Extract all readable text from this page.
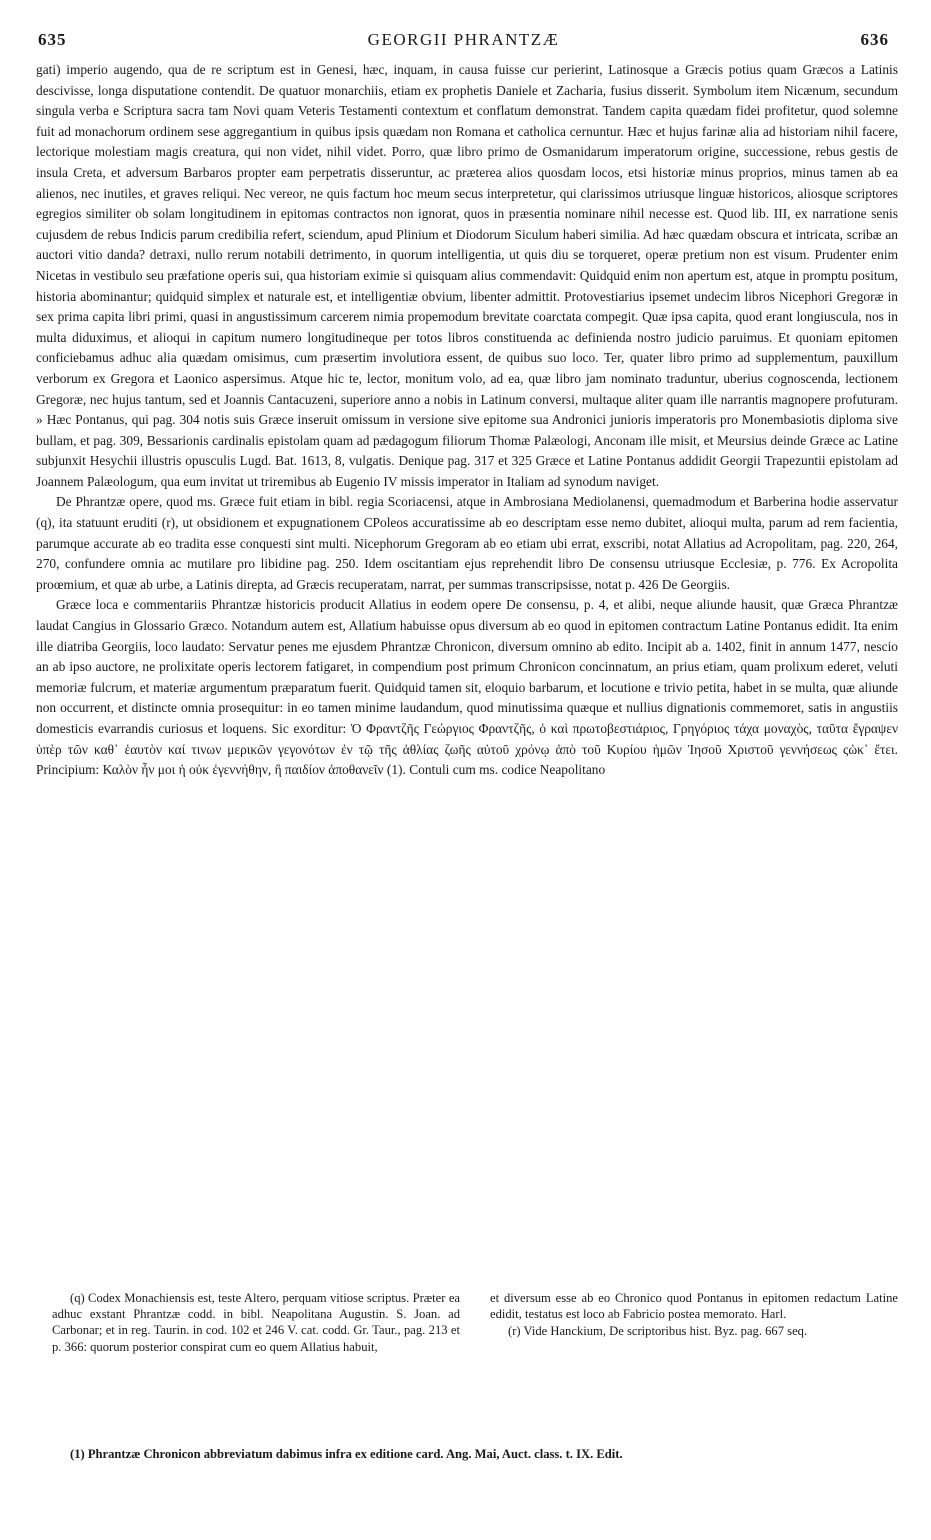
635	GEORGII PHRANTZÆ	636

gati) imperio augendo, qua de re scriptum est in Genesi, hæc, inquam, in causa fuisse cur perierint, Latinosque a Græcis potius quam Græcos a Latinis descivisse, longa disputatione contendit. De quatuor monarchiis, etiam ex prophetis Daniele et Zacharia, fusius disserit. Symbolum item Nicænum, secundum singula verba e Scriptura sacra tam Novi quam Veteris Testamenti contextum et conflatum demonstrat. Tandem capita quædam fidei profitetur, quod solemne fuit ad monachorum ordinem sese aggregantium in quibus ipsis quædam non Romana et catholica cernuntur. Hæc et hujus farinæ alia ad historiam nihil facere, lectorique molestiam magis creatura, qui non videt, nihil videt. Porro, quæ libro primo de Osmanidarum imperatorum origine, successione, rebus gestis de insula Creta, et adversum Barbaros propter eam perpetratis disseruntur, ac præterea alios quosdam locos, etsi historiæ minus proprios, minus tamen ab ea alienos, nec inutiles, et graves reliqui. Nec vereor, ne quis factum hoc meum secus interpretetur, qui clarissimos utriusque linguæ historicos, aliosque scriptores egregios similiter ob solam longitudinem in epitomas contractos non ignorat, quos in præsentia nominare nihil necesse est. Quod lib. III, ex narratione senis cujusdem de rebus Indicis parum credibilia refert, sciendum, apud Plinium et Diodorum Siculum haberi similia. Ad hæc quædam obscura et intricata, scribæ an auctori vitio danda? detraxi, nullo rerum notabili detrimento, in quorum intelligentia, ut quis diu se torqueret, operæ pretium non est visum. Prudenter enim Nicetas in vestibulo seu præfatione operis sui, qua historiam eximie si quisquam alius commendavit: Quidquid enim non apertum est, atque in promptu positum, historia abominantur; quidquid simplex et naturale est, et intelligentiæ obvium, libenter admittit. Protovestiarius ipsemet undecim libros Nicephori Gregoræ in sex prima capita libri primi, quasi in angustissimum carcerem nimia propemodum brevitate coarctata compegit. Quæ ipsa capita, quod erant longiuscula, nos in multa diduximus, et alioqui in capitum numero longitudineque per totos libros constituenda ac definienda nostro judicio paruimus. Et quoniam epitomen conficiebamus adhuc alia quædam omisimus, cum præsertim involutiora essent, de quibus suo loco. Ter, quater libro primo ad supplementum, pauxillum verborum ex Gregora et Laonico aspersimus. Atque hic te, lector, monitum volo, ad ea, quæ libro jam nominato traduntur, uberius cognoscenda, lectionem Gregoræ, nec hujus tantum, sed et Joannis Cantacuzeni, superiore anno a nobis in Latinum conversi, multaque aliter quam ille narrantis magnopere profuturam. » Hæc Pontanus, qui pag. 304 notis suis Græce inseruit omissum in versione sive epitome sua Andronici junioris imperatoris pro Monembasiotis diploma sive bullam, et pag. 309, Bessarionis cardinalis epistolam quam ad pædagogum filiorum Thomæ Palæologi, Anconam ille misit, et Meursius deinde Græce ac Latine subjunxit Hesychii illustris opusculis Lugd. Bat. 1613, 8, vulgatis. Denique pag. 317 et 325 Græce et Latine Pontanus addidit Georgii Trapezuntii epistolam ad Joannem Palæologum, qua eum invitat ut triremibus ab Eugenio IV missis imperator in Italiam ad synodum naviget.

De Phrantzæ opere, quod ms. Græce fuit etiam in bibl. regia Scoriacensi, atque in Ambrosiana Mediolanensi, quemadmodum et Barberina hodie asservatur (q), ita statuunt eruditi (r), ut obsidionem et expugnationem CPoleos accuratissime ab eo descriptam esse nemo dubitet, alioqui multa, parum ad rem facientia, parumque accurate ab eo tradita esse conquesti sint multi. Nicephorum Gregoram ab eo etiam ubi errat, exscribi, notat Allatius ad Acropolitam, pag. 220, 264, 270, confundere omnia ac mutilare pro libidine pag. 250. Idem oscitantiam ejus reprehendit libro De consensu utriusque Ecclesiæ, p. 776. Ex Acropolita proœmium, et quæ ab urbe, a Latinis direpta, ad Græcis recuperatam, narrat, per summas transcripsisse, notat p. 426 De Georgiis.

Græce loca e commentariis Phrantzæ historicis producit Allatius in eodem opere De consensu, p. 4, et alibi, neque aliunde hausit, quæ Græca Phrantzæ laudat Cangius in Glossario Græco. Notandum autem est, Allatium habuisse opus diversum ab eo quod in epitomen contractum Latine Pontanus edidit. Ita enim ille diatriba Georgiis, loco laudato: Servatur penes me ejusdem Phrantzæ Chronicon, diversum omnino ab edito. Incipit ab a. 1402, finit in annum 1477, nescio an ab ipso auctore, ne prolixitate operis lectorem fatigaret, in compendium post primum Chronicon concinnatum, an prius etiam, quam prolixum ederet, veluti memoriæ fulcrum, et materiæ argumentum præparatum fuerit. Quidquid tamen sit, eloquio barbarum, et locutione e trivio petita, habet in se multa, quæ aliunde non occurrent, et distincte omnia prosequitur: in eo tamen minime laudandum, quod minutissima quæque et nullius dignationis commemoret, satis in angustiis domesticis evarrandis curiosus et loquens. Sic exorditur: Ὁ Φραντζῆς Γεώργιος Φραντζῆς, ὁ καὶ πρωτοβεστιάριος, Γρηγόριος τάχα μοναχὸς, ταῦτα ἔγραψεν ὑπὲρ τῶν καθ᾽ ἑαυτὸν καί τινων μερικῶν γεγονότων ἐν τῷ τῆς ἀθλίας ζωῆς αὐτοῦ χρόνῳ ἀπὸ τοῦ Κυρίου ἡμῶν Ἰησοῦ Χριστοῦ γεννήσεως ςὠκ᾽ ἔτει. Principium: Καλὸν ἦν μοι ἡ οὐκ ἐγεννήθην, ἢ παιδίον ἀποθανεῖν (1). Contuli cum ms. codice Neapolitano

(q) Codex Monachiensis est, teste Altero, perquam vitiose scriptus. Præter ea adhuc exstant Phrantzæ codd. in bibl. Neapolitana Augustin. S. Joan. ad Carbonar; et in reg. Taurin. in cod. 102 et 246 V. cat. codd. Gr. Taur., pag. 213 et p. 366: quorum posterior conspirat cum eo quem Allatius habuit,

et diversum esse ab eo Chronico quod Pontanus in epitomen redactum Latine edidit, testatus est loco ab Fabricio postea memorato. Harl.

(r) Vide Hanckium, De scriptoribus hist. Byz. pag. 667 seq.

(1) Phrantzæ Chronicon abbreviatum dabimus infra ex editione card. Ang. Mai, Auct. class. t. IX. Edit.
